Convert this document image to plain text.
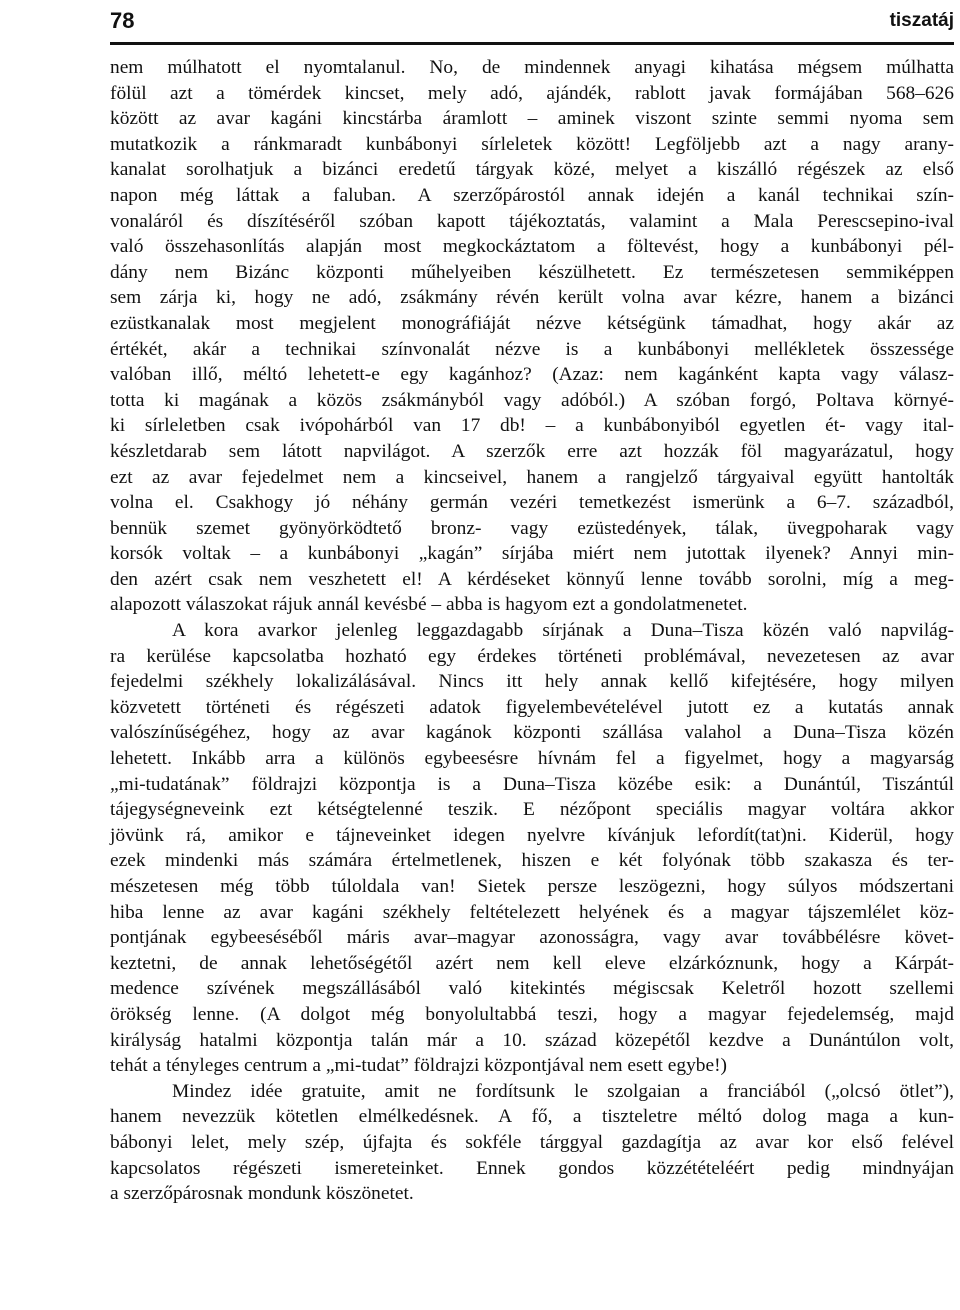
78	tiszatáj
nem múlhatott el nyomtalanul. No, de mindennek anyagi kihatása mégsem múlhatta
fölül azt a tömérdek kincset, mely adó, ajándék, rablott javak formájában 568–626
között az avar kagáni kincstárba áramlott – aminek viszont szinte semmi nyoma sem
mutatkozik a ránkmaradt kunbábonyi sírleletek között! Legföljebb azt a nagy arany-
kanalat sorolhatjuk a bizánci eredetű tárgyak közé, melyet a kiszálló régészek az első
napon még láttak a faluban. A szerzőpárostól annak idején a kanál technikai szín-
vonaláról és díszítéséről szóban kapott tájékoztatás, valamint a Mala Perescsepino-ival
való összehasonlítás alapján most megkockáztatom a föltevést, hogy a kunbábonyi pél-
dány nem Bizánc központi műhelyeiben készülhetett. Ez természetesen semmiképpen
sem zárja ki, hogy ne adó, zsákmány révén került volna avar kézre, hanem a bizánci
ezüstkanalak most megjelent monográfiáját nézve kétségünk támadhat, hogy akár az
értékét, akár a technikai színvonalát nézve is a kunbábonyi mellékletek összessége
valóban illő, méltó lehetett-e egy kagánhoz? (Azaz: nem kagánként kapta vagy válasz-
totta ki magának a közös zsákmányból vagy adóból.) A szóban forgó, Poltava környé-
ki sírleletben csak ivópohárból van 17 db! – a kunbábonyiból egyetlen ét- vagy ital-
készletdarab sem látott napvilágot. A szerzők erre azt hozzák föl magyarázatul, hogy
ezt az avar fejedelmet nem a kincseivel, hanem a rangjelző tárgyaival együtt hantolták
volna el. Csakhogy jó néhány germán vezéri temetkezést ismerünk a 6–7. századból,
bennük szemet gyönyörködtető bronz- vagy ezüstedények, tálak, üvegpoharak vagy
korsók voltak – a kunbábonyi „kagán” sírjába miért nem jutottak ilyenek? Annyi min-
den azért csak nem veszhetett el! A kérdéseket könnyű lenne tovább sorolni, míg a meg-
alapozott válaszokat rájuk annál kevésbé – abba is hagyom ezt a gondolatmenetet.
A kora avarkor jelenleg leggazdagabb sírjának a Duna–Tisza közén való napvilág-
ra kerülése kapcsolatba hozható egy érdekes történeti problémával, nevezetesen az avar
fejedelmi székhely lokalizálásával. Nincs itt hely annak kellő kifejtésére, hogy milyen
közvetett történeti és régészeti adatok figyelembevételével jutott ez a kutatás annak
valószínűségéhez, hogy az avar kagánok központi szállása valahol a Duna–Tisza közén
lehetett. Inkább arra a különös egybeesésre hívnám fel a figyelmet, hogy a magyarság
„mi-tudatának” földrajzi központja is a Duna–Tisza közébe esik: a Dunántúl, Tiszántúl
tájegységneveink ezt kétségtelenné teszik. E nézőpont speciális magyar voltára akkor
jövünk rá, amikor e tájneveinket idegen nyelvre kívánjuk lefordít(tat)ni. Kiderül, hogy
ezek mindenki más számára értelmetlenek, hiszen e két folyónak több szakasza és ter-
mészetesen még több túloldala van! Sietek persze leszögezni, hogy súlyos módszertani
hiba lenne az avar kagáni székhely feltételezett helyének és a magyar tájszemlélet köz-
pontjának egybeeséséből máris avar–magyar azonosságra, vagy avar továbbélésre követ-
keztetni, de annak lehetőségétől azért nem kell eleve elzárkóznunk, hogy a Kárpát-
medence szívének megszállásából való kitekintés mégiscsak Keletről hozott szellemi
örökség lenne. (A dolgot még bonyolultabbá teszi, hogy a magyar fejedelemség, majd
királyság hatalmi központja talán már a 10. század közepétől kezdve a Dunántúlon volt,
tehát a tényleges centrum a „mi-tudat” földrajzi központjával nem esett egybe!)
Mindez idée gratuite, amit ne fordítsunk le szolgaian a franciából („olcsó ötlet”),
hanem nevezzük kötetlen elmélkedésnek. A fő, a tiszteletre méltó dolog maga a kun-
bábonyi lelet, mely szép, újfajta és sokféle tárggyal gazdagítja az avar kor első felével
kapcsolatos régészeti ismereteinket. Ennek gondos közzétételéért pedig mindnyájan
a szerzőpárosnak mondunk köszönetet.
